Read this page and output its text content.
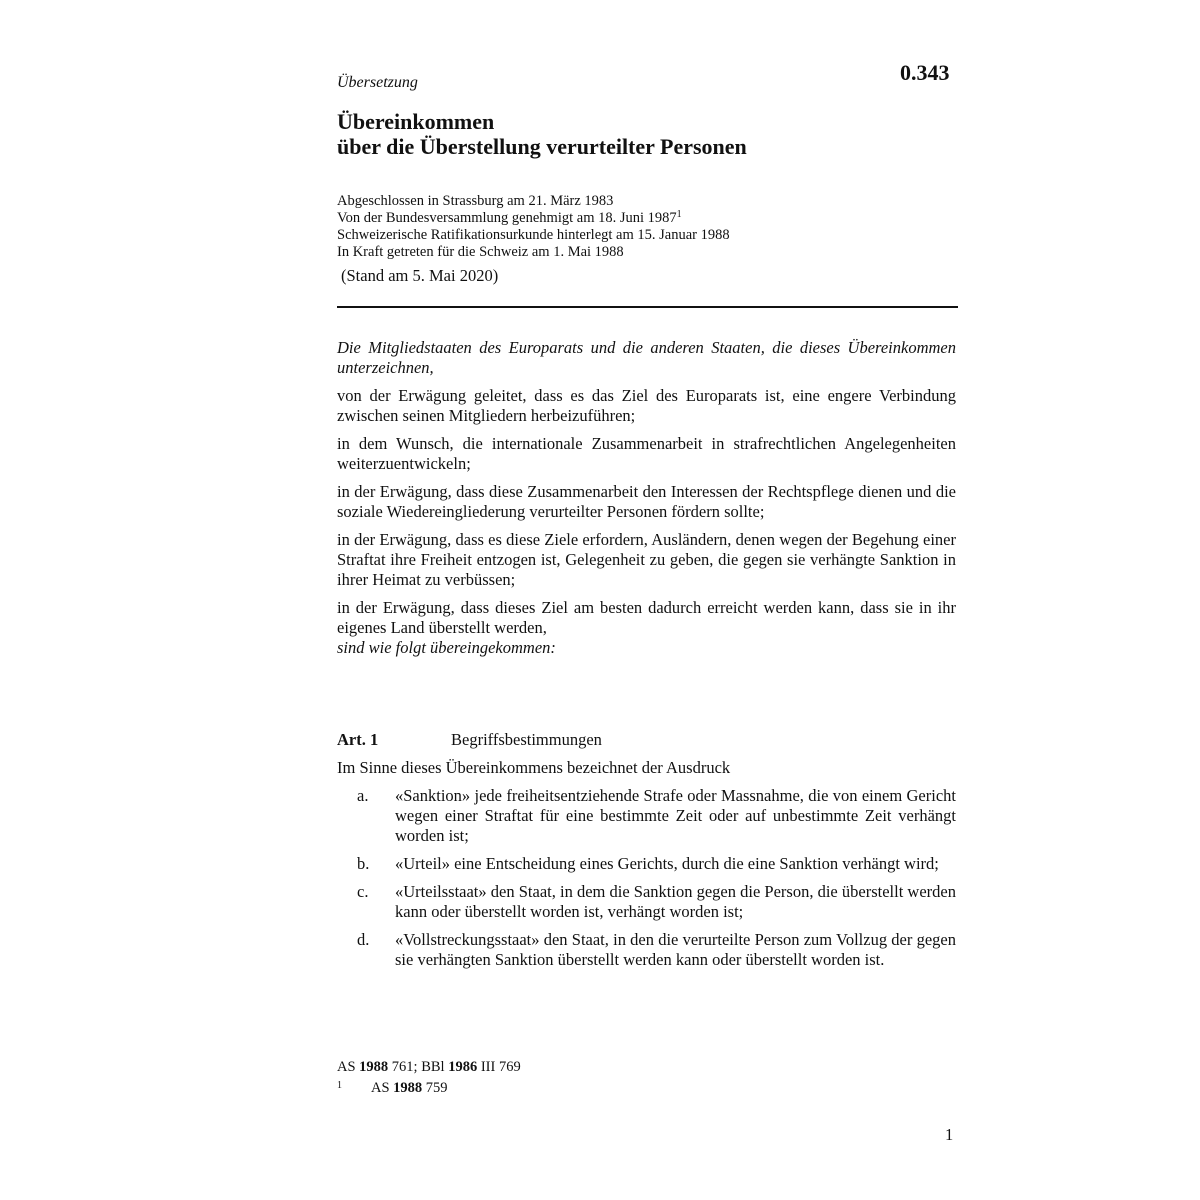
0.343
Übersetzung
Übereinkommen
über die Überstellung verurteilter Personen
Abgeschlossen in Strassburg am 21. März 1983
Von der Bundesversammlung genehmigt am 18. Juni 1987$^1$
Schweizerische Ratifikationsurkunde hinterlegt am 15. Januar 1988
In Kraft getreten für die Schweiz am 1. Mai 1988
(Stand am 5. Mai 2020)

Die Mitgliedstaaten des Europarats und die anderen Staaten, die dieses Übereinkommen unterzeichnen,

von der Erwägung geleitet, dass es das Ziel des Europarats ist, eine engere Verbindung zwischen seinen Mitgliedern herbeizuführen;

in dem Wunsch, die internationale Zusammenarbeit in strafrechtlichen Angelegenheiten weiterzuentwickeln;

in der Erwägung, dass diese Zusammenarbeit den Interessen der Rechtspflege dienen und die soziale Wiedereingliederung verurteilter Personen fördern sollte;

in der Erwägung, dass es diese Ziele erfordern, Ausländern, denen wegen der Begehung einer Straftat ihre Freiheit entzogen ist, Gelegenheit zu geben, die gegen sie verhängte Sanktion in ihrer Heimat zu verbüssen;

in der Erwägung, dass dieses Ziel am besten dadurch erreicht werden kann, dass sie in ihr eigenes Land überstellt werden,

sind wie folgt übereingekommen:

Art. 1	Begriffsbestimmungen
Im Sinne dieses Übereinkommens bezeichnet der Ausdruck
a.	«Sanktion» jede freiheitsentziehende Strafe oder Massnahme, die von einem Gericht wegen einer Straftat für eine bestimmte Zeit oder auf unbestimmte Zeit verhängt worden ist;
b.	«Urteil» eine Entscheidung eines Gerichts, durch die eine Sanktion verhängt wird;
c.	«Urteilsstaat» den Staat, in dem die Sanktion gegen die Person, die überstellt werden kann oder überstellt worden ist, verhängt worden ist;
d.	«Vollstreckungsstaat» den Staat, in den die verurteilte Person zum Vollzug der gegen sie verhängten Sanktion überstellt werden kann oder überstellt worden ist.
AS 1988 761; BBl 1986 III 769
1 AS 1988 759
1
